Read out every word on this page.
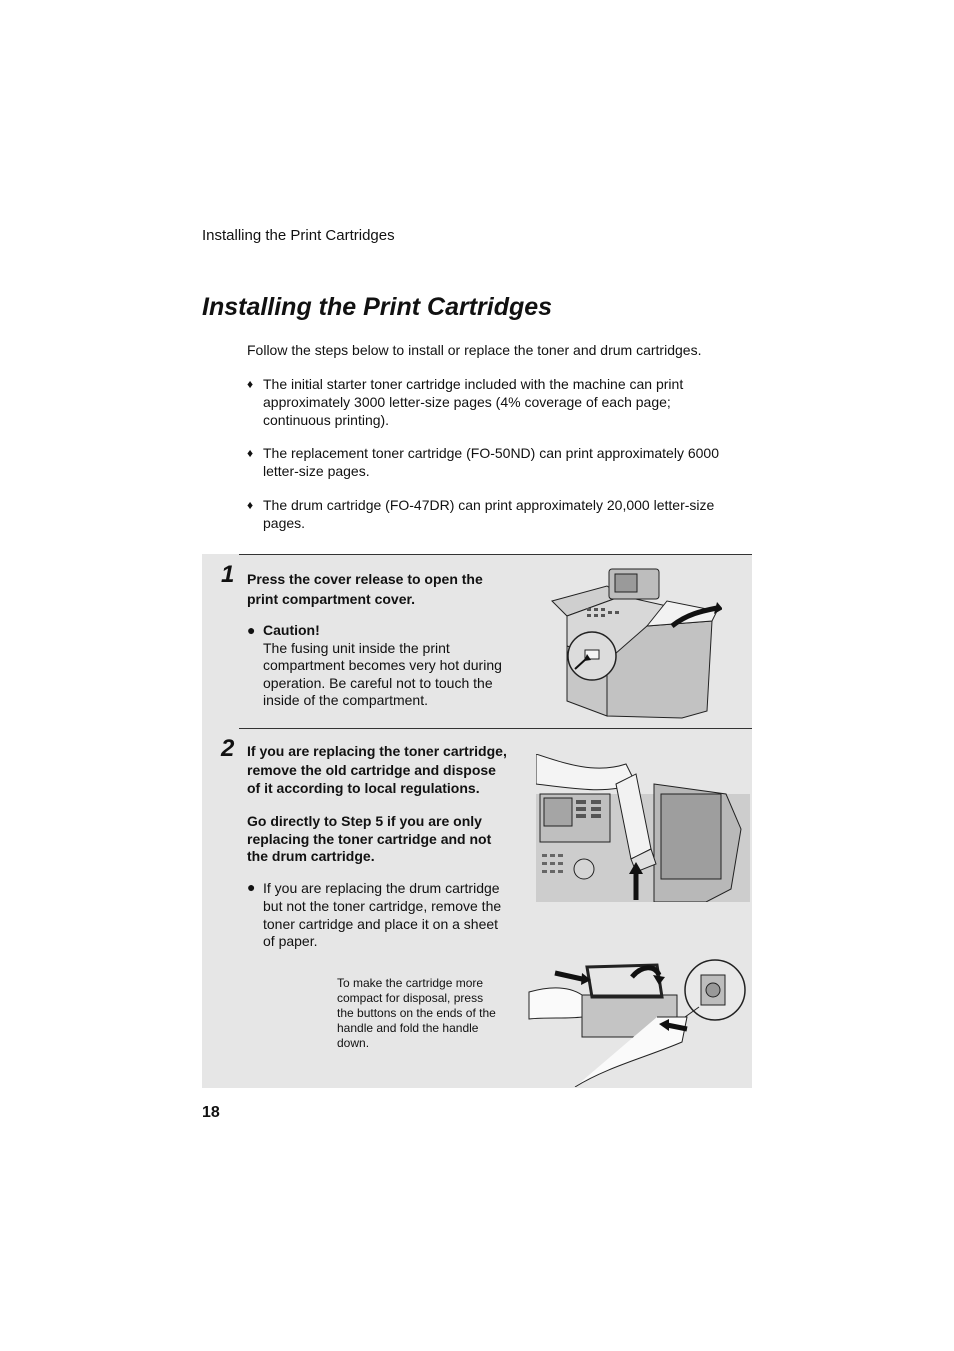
Installing the Print Cartridges
Installing the Print Cartridges
Follow the steps below to install or replace the toner and drum cartridges.
♦ The initial starter toner cartridge included with the machine can print
approximately 3000 letter-size pages (4% coverage of each page;
continuous printing).
♦ The replacement toner cartridge (FO-50ND) can print approximately 6000
letter-size pages.
♦ The drum cartridge (FO-47DR) can print approximately 20,000 letter-size
pages.
1 Press the cover release to open the
print compartment cover.
● Caution!
The fusing unit inside the print
compartment becomes very hot during
operation. Be careful not to touch the
inside of the compartment.
2 If you are replacing the toner cartridge,
remove the old cartridge and dispose
of it according to local regulations.
Go directly to Step 5 if you are only
replacing the toner cartridge and not
the drum cartridge.
● If you are replacing the drum cartridge
but not the toner cartridge, remove the
toner cartridge and place it on a sheet
of paper.
To make the cartridge more
compact for disposal, press
the buttons on the ends of the
handle and fold the handle
down.
18
